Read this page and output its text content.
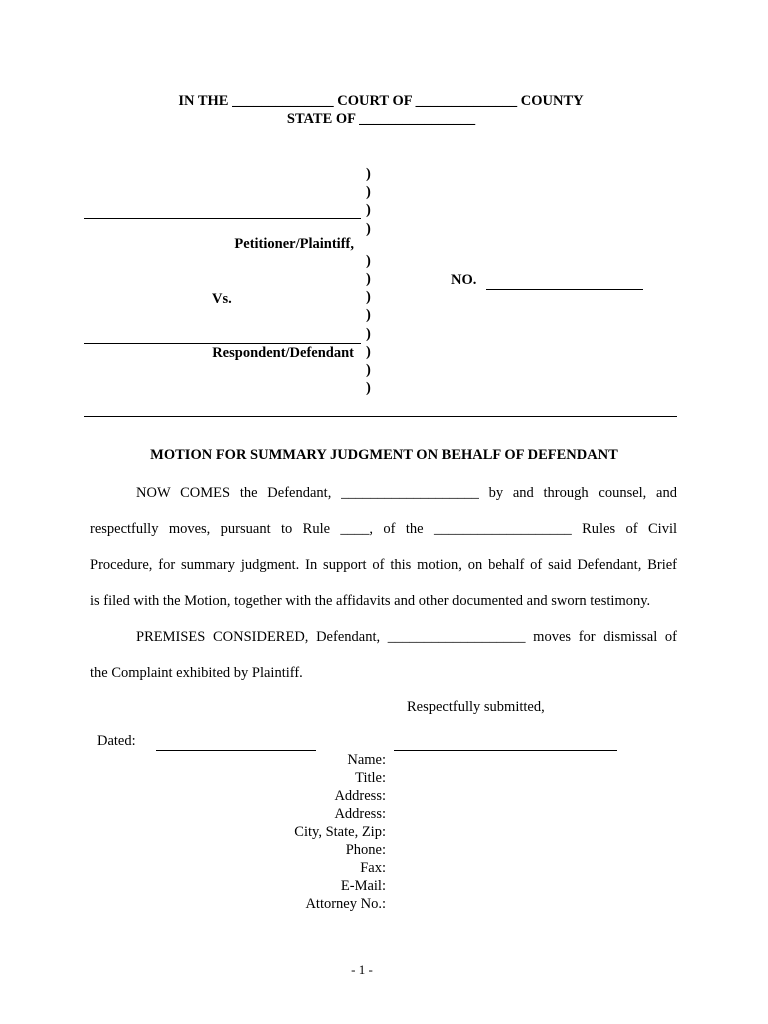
IN THE ______________ COURT OF ______________ COUNTY
STATE OF ________________
)
)
)
)
)
)
)
)
)
)
)
)
Petitioner/Plaintiff,
Vs.
Respondent/Defendant
NO.
MOTION FOR SUMMARY JUDGMENT ON BEHALF OF DEFENDANT
NOW COMES the Defendant, ___________________ by and through counsel, and
respectfully moves, pursuant to Rule ____, of the ___________________ Rules of Civil
Procedure, for summary judgment. In support of this motion, on behalf of said Defendant, Brief
is filed with the Motion, together with the affidavits and other documented and sworn testimony.
PREMISES CONSIDERED, Defendant, ___________________ moves for dismissal of
the Complaint exhibited by Plaintiff.
Respectfully submitted,
Dated:
Name:
Title:
Address:
Address:
City, State, Zip:
Phone:
Fax:
E-Mail:
Attorney No.:
- 1 -
